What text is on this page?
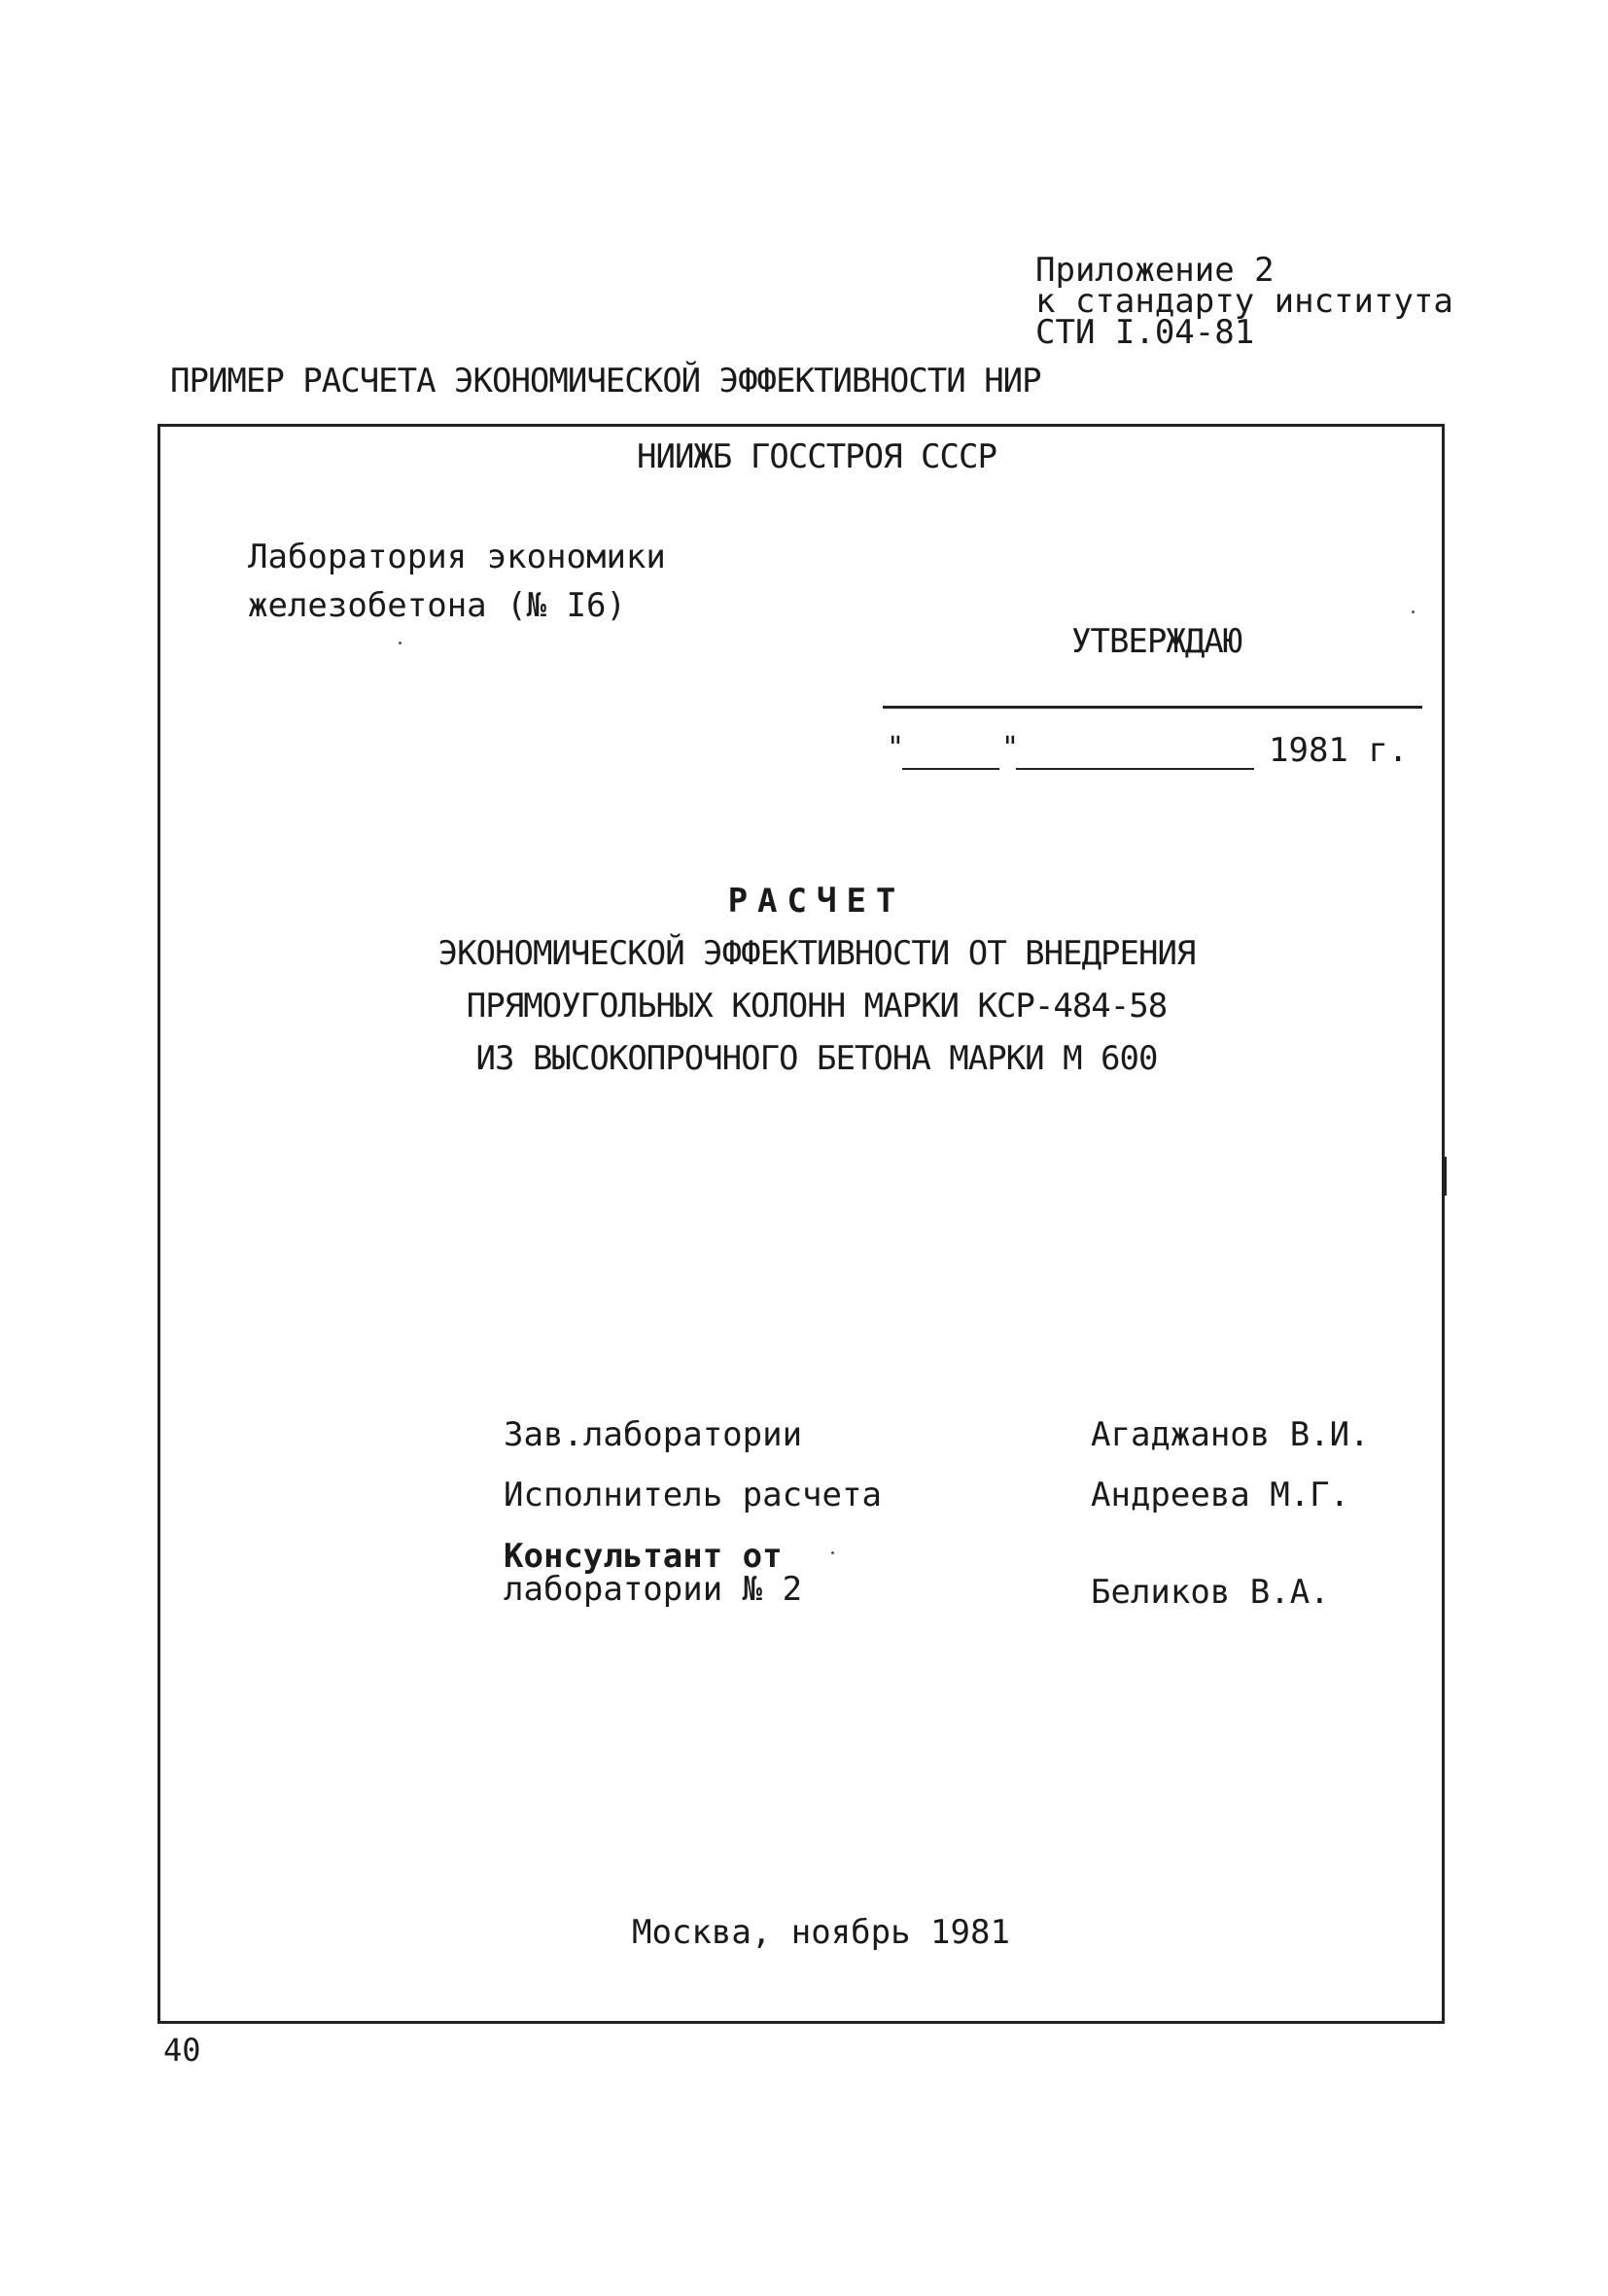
Приложение 2
к стандарту института
СТИ I.04-81
ПРИМЕР РАСЧЕТА ЭКОНОМИЧЕСКОЙ ЭФФЕКТИВНОСТИ НИР
НИИЖБ ГОССТРОЯ СССР
Лаборатория экономики
железобетона (№ I6)
УТВЕРЖДАЮ
"	"	1981 г.
РАСЧЕТ
ЭКОНОМИЧЕСКОЙ ЭФФЕКТИВНОСТИ ОТ ВНЕДРЕНИЯ
ПРЯМОУГОЛЬНЫХ КОЛОНН МАРКИ КСР-484-58
ИЗ ВЫСОКОПРОЧНОГО БЕТОНА МАРКИ М 600
Зав.лаборатории	Агаджанов В.И.
Исполнитель расчета	Андреева М.Г.
Консультант от
лаборатории № 2	Беликов В.А.
Москва, ноябрь 1981
40
